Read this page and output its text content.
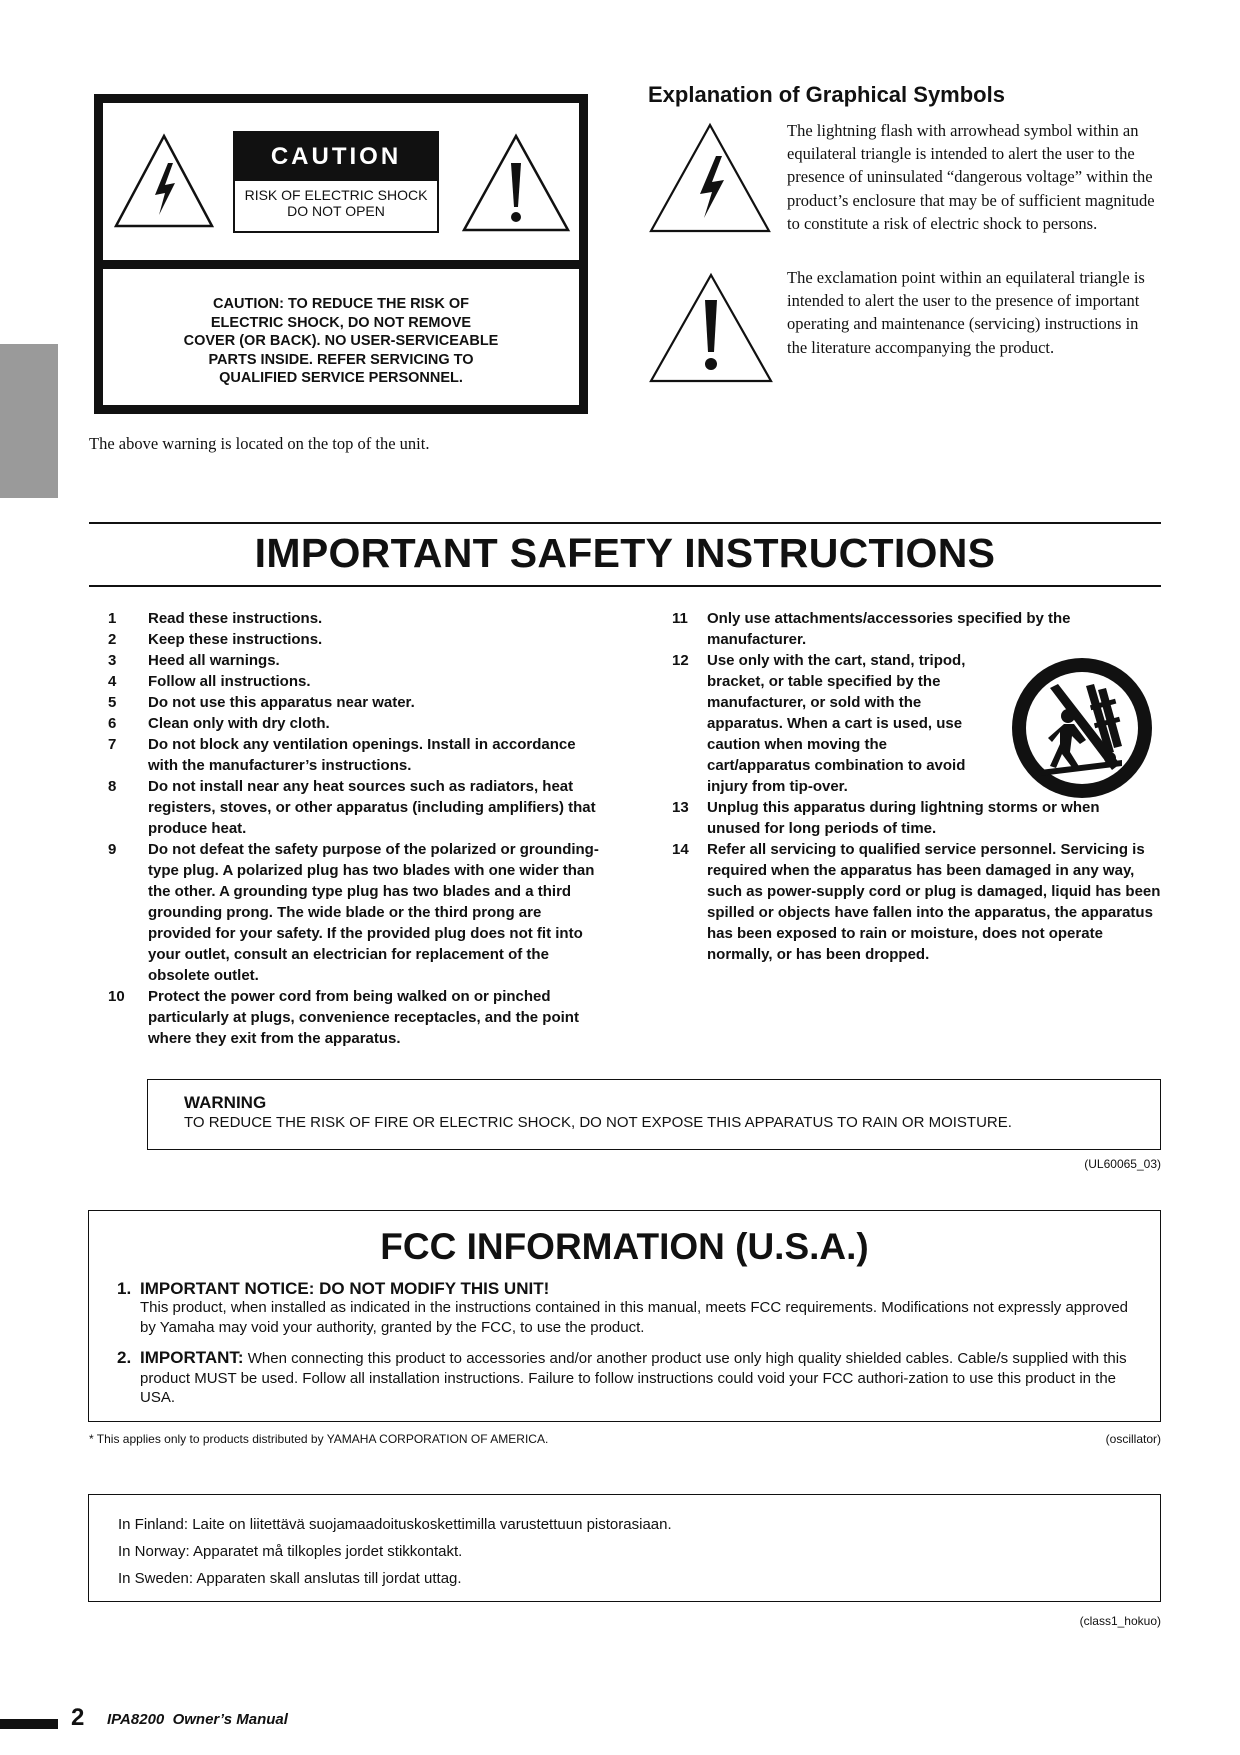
CAUTION
RISK OF ELECTRIC SHOCK
DO NOT OPEN
CAUTION: TO REDUCE THE RISK OF
ELECTRIC SHOCK, DO NOT REMOVE
COVER (OR BACK). NO USER-SERVICEABLE
PARTS INSIDE. REFER SERVICING TO
QUALIFIED SERVICE PERSONNEL.
Explanation of Graphical Symbols
The lightning flash with arrowhead symbol within an equilateral triangle is intended to alert the user to the presence of uninsulated “dangerous voltage” within the product’s enclosure that may be of sufficient magnitude to constitute a risk of electric shock to persons.
The exclamation point within an equilateral triangle is intended to alert the user to the presence of important operating and maintenance (servicing) instructions in the literature accompanying the product.
The above warning is located on the top of the unit.
IMPORTANT SAFETY INSTRUCTIONS
1	Read these instructions.
2	Keep these instructions.
3	Heed all warnings.
4	Follow all instructions.
5	Do not use this apparatus near water.
6	Clean only with dry cloth.
7	Do not block any ventilation openings. Install in accordance with the manufacturer’s instructions.
8	Do not install near any heat sources such as radiators, heat registers, stoves, or other apparatus (including amplifiers) that produce heat.
9	Do not defeat the safety purpose of the polarized or grounding-type plug. A polarized plug has two blades with one wider than the other. A grounding type plug has two blades and a third grounding prong. The wide blade or the third prong are provided for your safety. If the provided plug does not fit into your outlet, consult an electrician for replacement of the obsolete outlet.
10	Protect the power cord from being walked on or pinched particularly at plugs, convenience receptacles, and the point where they exit from the apparatus.
11	Only use attachments/accessories specified by the manufacturer.
12	Use only with the cart, stand, tripod, bracket, or table specified by the manufacturer, or sold with the apparatus. When a cart is used, use caution when moving the cart/apparatus combination to avoid injury from tip-over.
13	Unplug this apparatus during lightning storms or when unused for long periods of time.
14	Refer all servicing to qualified service personnel. Servicing is required when the apparatus has been damaged in any way, such as power-supply cord or plug is damaged, liquid has been spilled or objects have fallen into the apparatus, the apparatus has been exposed to rain or moisture, does not operate normally, or has been dropped.
WARNING
TO REDUCE THE RISK OF FIRE OR ELECTRIC SHOCK, DO NOT EXPOSE THIS APPARATUS TO RAIN OR MOISTURE.
(UL60065_03)
FCC INFORMATION (U.S.A.)
1. IMPORTANT NOTICE: DO NOT MODIFY THIS UNIT!
This product, when installed as indicated in the instructions contained in this manual, meets FCC requirements. Modifications not expressly approved by Yamaha may void your authority, granted by the FCC, to use the product.
2. IMPORTANT: When connecting this product to accessories and/or another product use only high quality shielded cables. Cable/s supplied with this product MUST be used. Follow all installation instructions. Failure to follow instructions could void your FCC authori-zation to use this product in the USA.
* This applies only to products distributed by YAMAHA CORPORATION OF AMERICA.	(oscillator)
In Finland: Laite on liitettävä suojamaadoituskoskettimilla varustettuun pistorasiaan.
In Norway: Apparatet må tilkoples jordet stikkontakt.
In Sweden: Apparaten skall anslutas till jordat uttag.
(class1_hokuo)
2 IPA8200  Owner’s Manual
